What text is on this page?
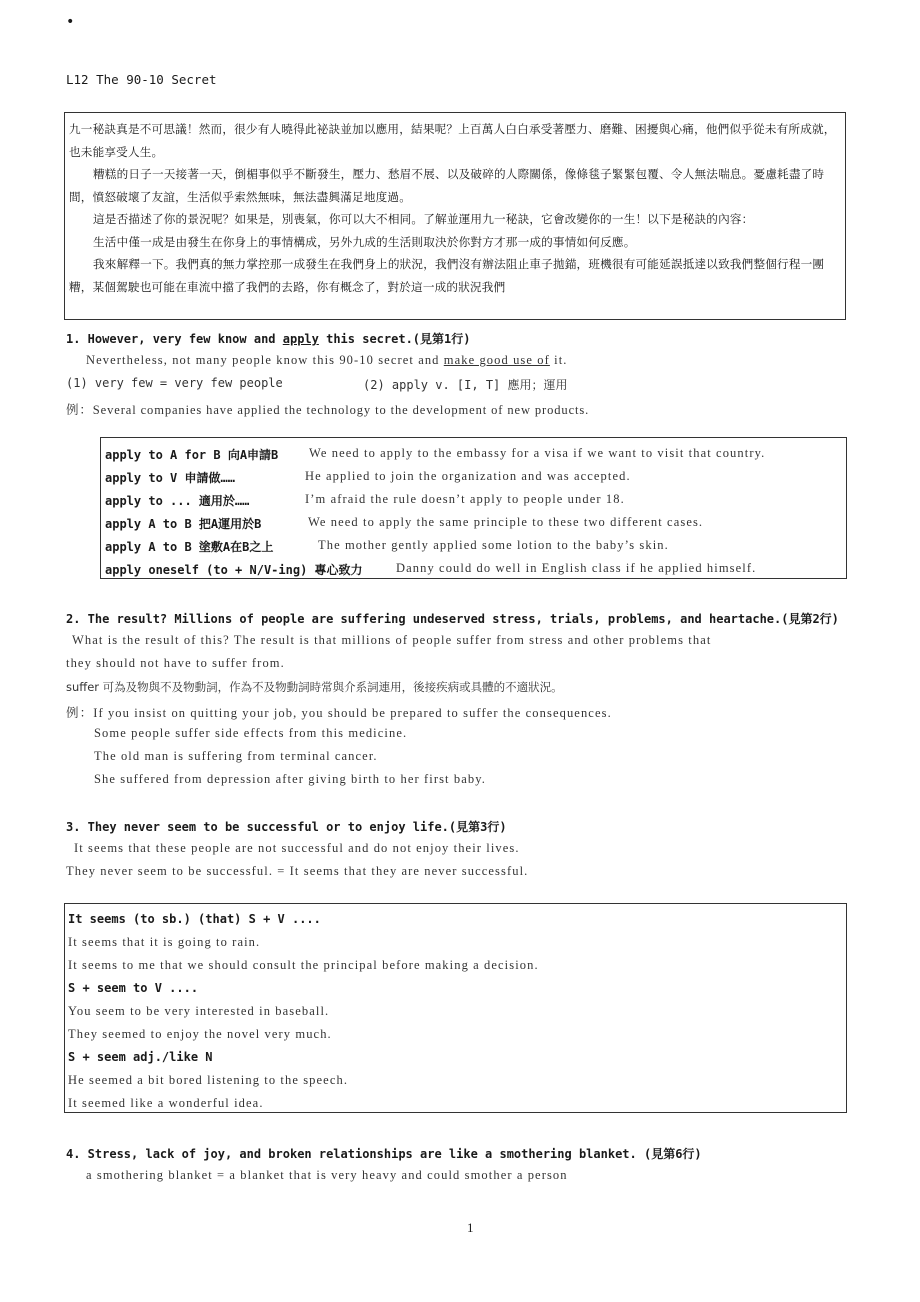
•
L12 The 90-10 Secret

九一秘訣真是不可思議！然而，很少有人曉得此祕訣並加以應用，結果呢？上百萬人白白承受著壓力、磨難、困擾與心痛，他們似乎從未有所成就，也未能享受人生。

糟糕的日子一天接著一天，倒楣事似乎不斷發生，壓力、愁眉不展、以及破碎的人際關係，像條毯子緊緊包覆、令人無法喘息。憂慮耗盡了時間，憤怒破壞了友誼，生活似乎索然無味，無法盡興滿足地度過。

這是否描述了你的景況呢？如果是，別喪氣，你可以大不相同。了解並運用九一秘訣，它會改變你的一生！以下是秘訣的內容：

生活中僅一成是由發生在你身上的事情構成，另外九成的生活則取決於你對方才那一成的事情如何反應。

我來解釋一下。我們真的無力掌控那一成發生在我們身上的狀況，我們沒有辦法阻止車子拋錨，班機很有可能延誤抵達以致我們整個行程一團糟，某個駕駛也可能在車流中擋了我們的去路，你有概念了，對於這一成的狀況我們

1. However, very few know and apply this secret.(見第1行)
Nevertheless, not many people know this 90-10 secret and make good use of it.
(1) very few = very few people	(2) apply v. [I, T] 應用；運用
例：Several companies have applied the technology to the development of new products.
apply to A for B 向A申請B We need to apply to the embassy for a visa if we want to visit that country.
apply to V 申請做……	He applied to join the organization and was accepted.
apply to ... 適用於……	I’m afraid the rule doesn’t apply to people under 18.
apply A to B 把A運用於B	We need to apply the same principle to these two different cases.
apply A to B 塗敷A在B之上	The mother gently applied some lotion to the baby’s skin.
apply oneself (to + N/V-ing) 專心致力	Danny could do well in English class if he applied himself.
2. The result? Millions of people are suffering undeserved stress, trials, problems, and heartache.(見第2行)
What is the result of this? The result is that millions of people suffer from stress and other problems that
they should not have to suffer from.
suffer 可為及物與不及物動詞，作為不及物動詞時常與介系詞連用，後接疾病或具體的不適狀況。
例：If you insist on quitting your job, you should be prepared to suffer the consequences.
Some people suffer side effects from this medicine.
The old man is suffering from terminal cancer.
She suffered from depression after giving birth to her first baby.
3. They never seem to be successful or to enjoy life.(見第3行)
It seems that these people are not successful and do not enjoy their lives.
They never seem to be successful. = It seems that they are never successful.
It seems (to sb.) (that) S + V ....
It seems that it is going to rain.
It seems to me that we should consult the principal before making a decision.
S + seem to V ....
You seem to be very interested in baseball.
They seemed to enjoy the novel very much.
S + seem adj./like N
He seemed a bit bored listening to the speech.
It seemed like a wonderful idea.
4. Stress, lack of joy, and broken relationships are like a smothering blanket. (見第6行)
a smothering blanket = a blanket that is very heavy and could smother a person
1
